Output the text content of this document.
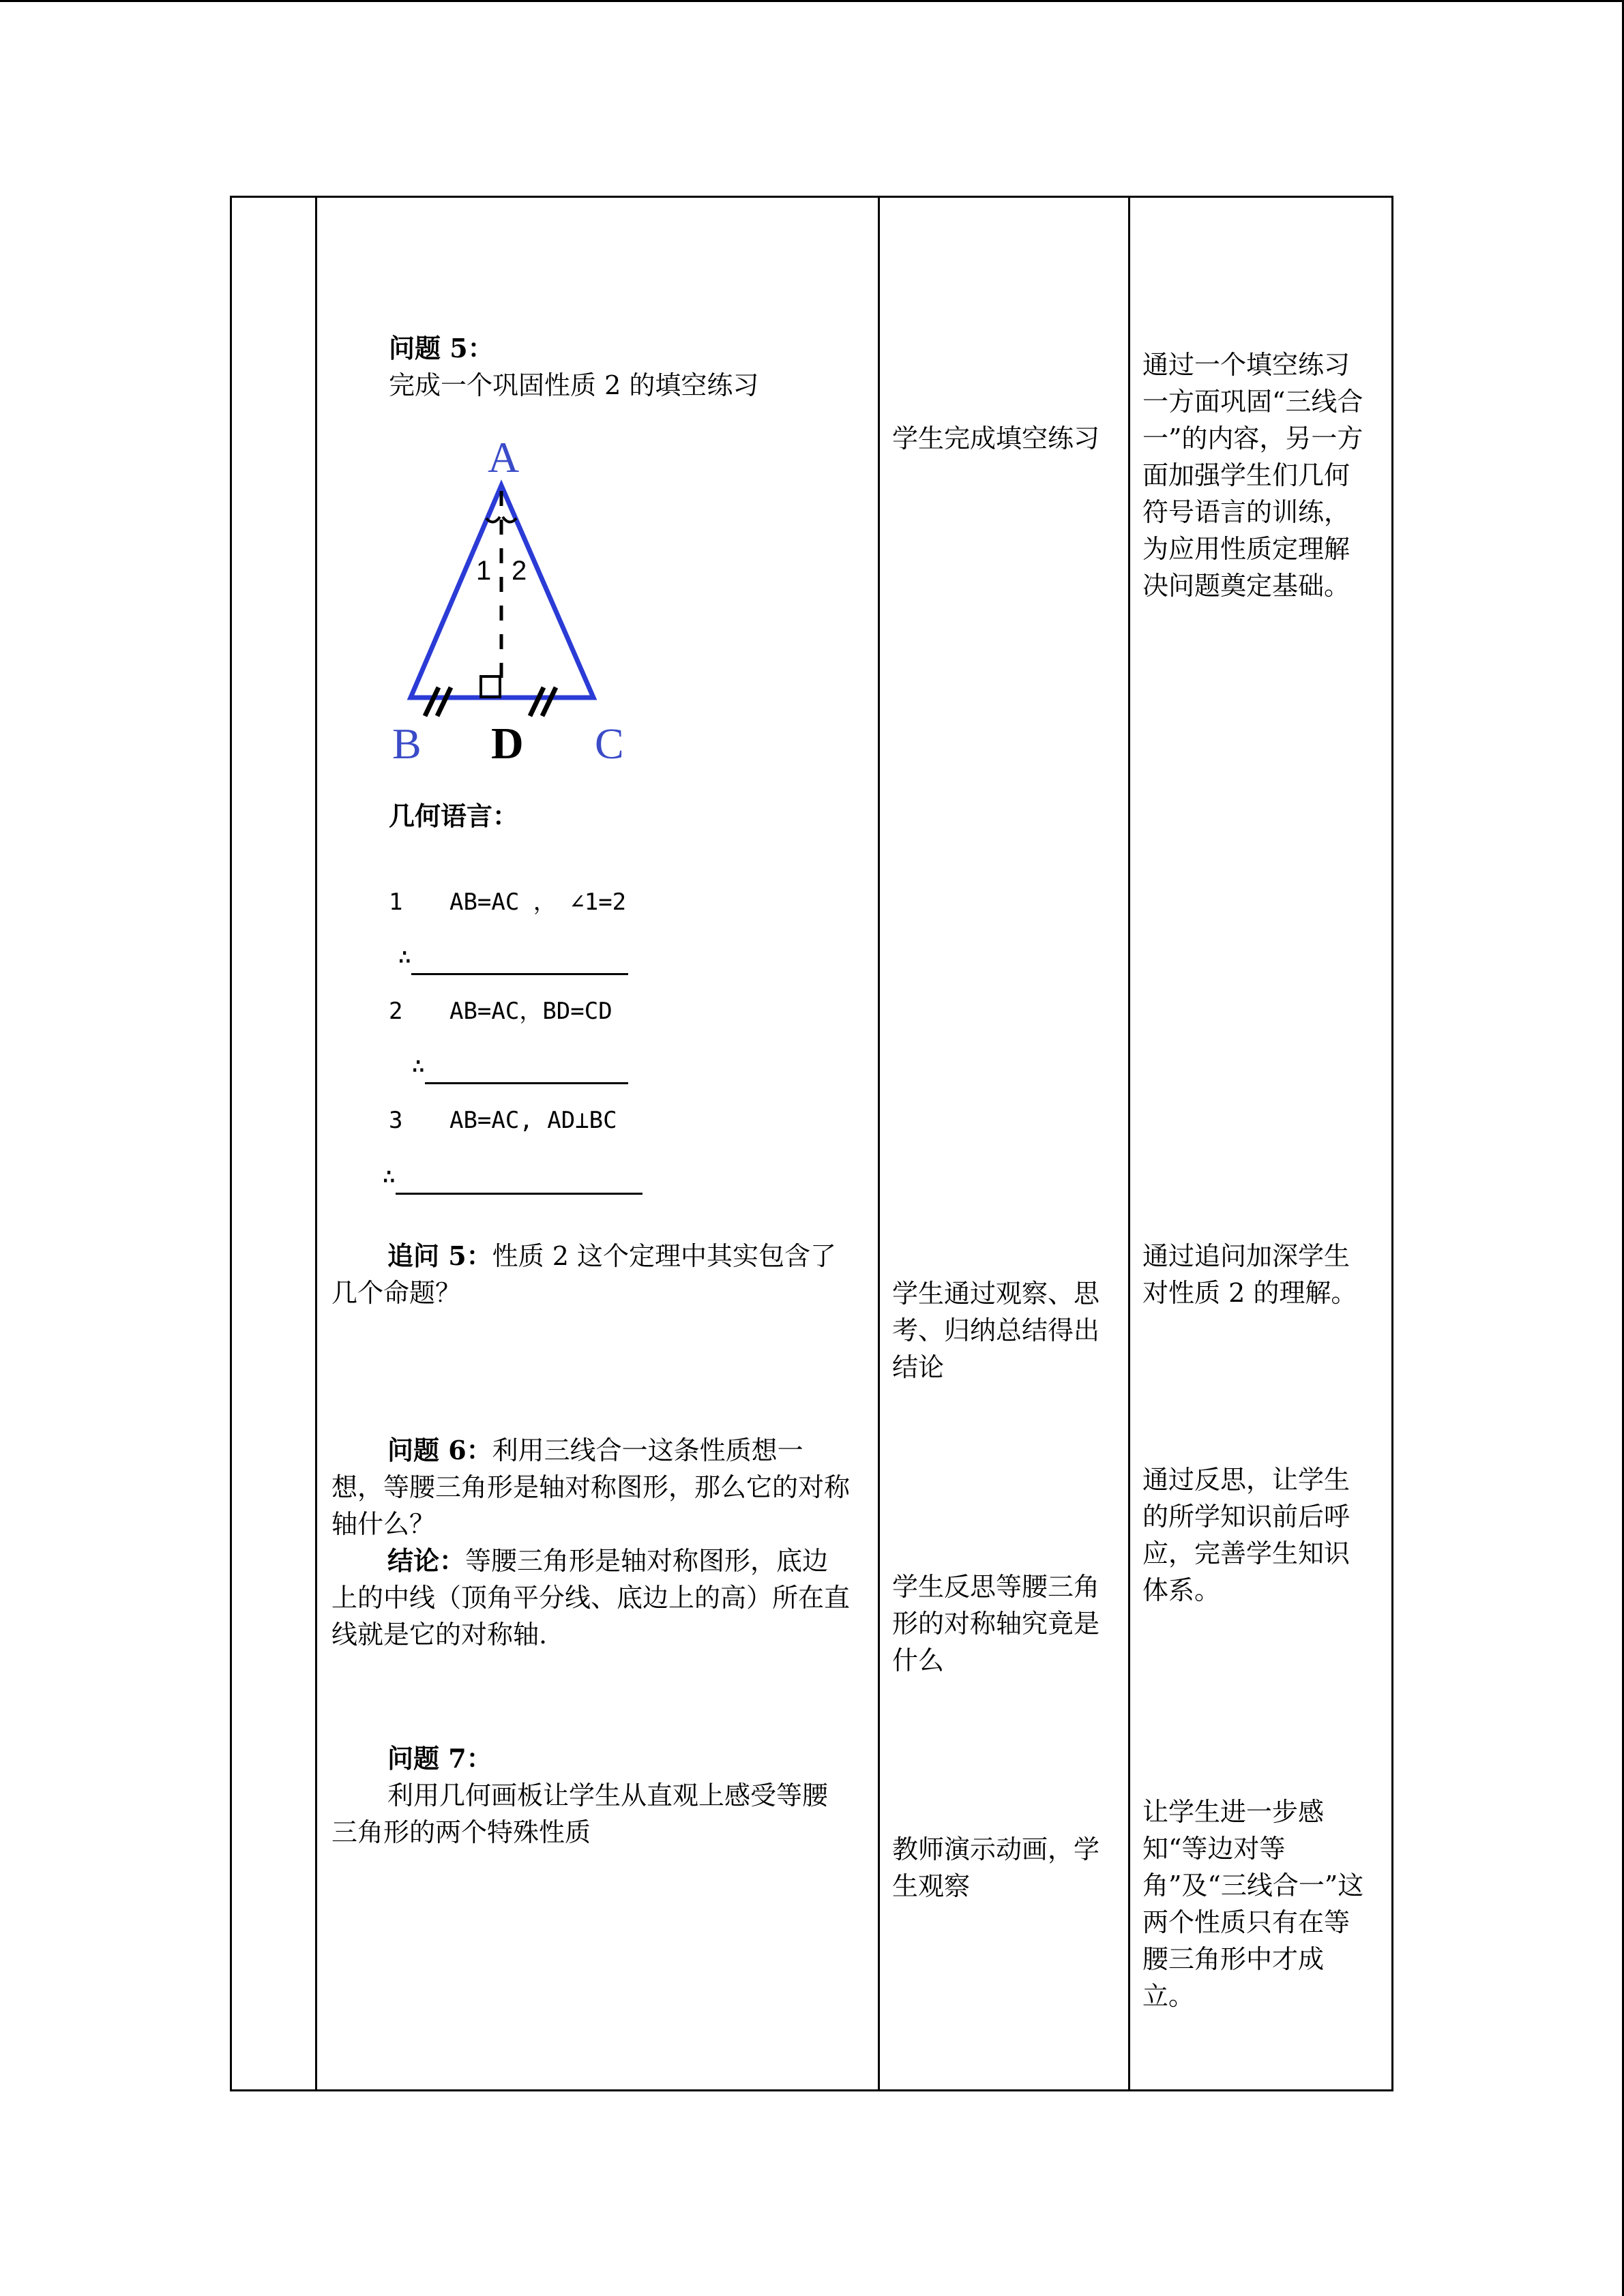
问题 5：

完成一个巩固性质 2 的填空练习

A
B D C
1 2
几何语言：
1 AB=AC ， ∠1=2
∴
2 AB=AC，BD=CD
∴
3 AB=AC, AD⊥BC
∴
追问 5：性质 2 这个定理中其实包含了几个命题？
问题 6：利用三线合一这条性质想一想，等腰三角形是轴对称图形，那么它的对称轴什么？
结论：等腰三角形是轴对称图形，底边上的中线（顶角平分线、底边上的高）所在直线就是它的对称轴.

问题 7：

利用几何画板让学生从直观上感受等腰三角形的两个特殊性质

学生完成填空练习
学生通过观察、思考、归纳总结得出结论
学生反思等腰三角形的对称轴究竟是什么
教师演示动画，学生观察
通过一个填空练习一方面巩固“三线合一”的内容，另一方面加强学生们几何符号语言的训练，为应用性质定理解决问题奠定基础。
通过追问加深学生对性质 2 的理解。
通过反思，让学生的所学知识前后呼应，完善学生知识体系。
让学生进一步感知“等边对等角”及“三线合一”这两个性质只有在等腰三角形中才成立。
